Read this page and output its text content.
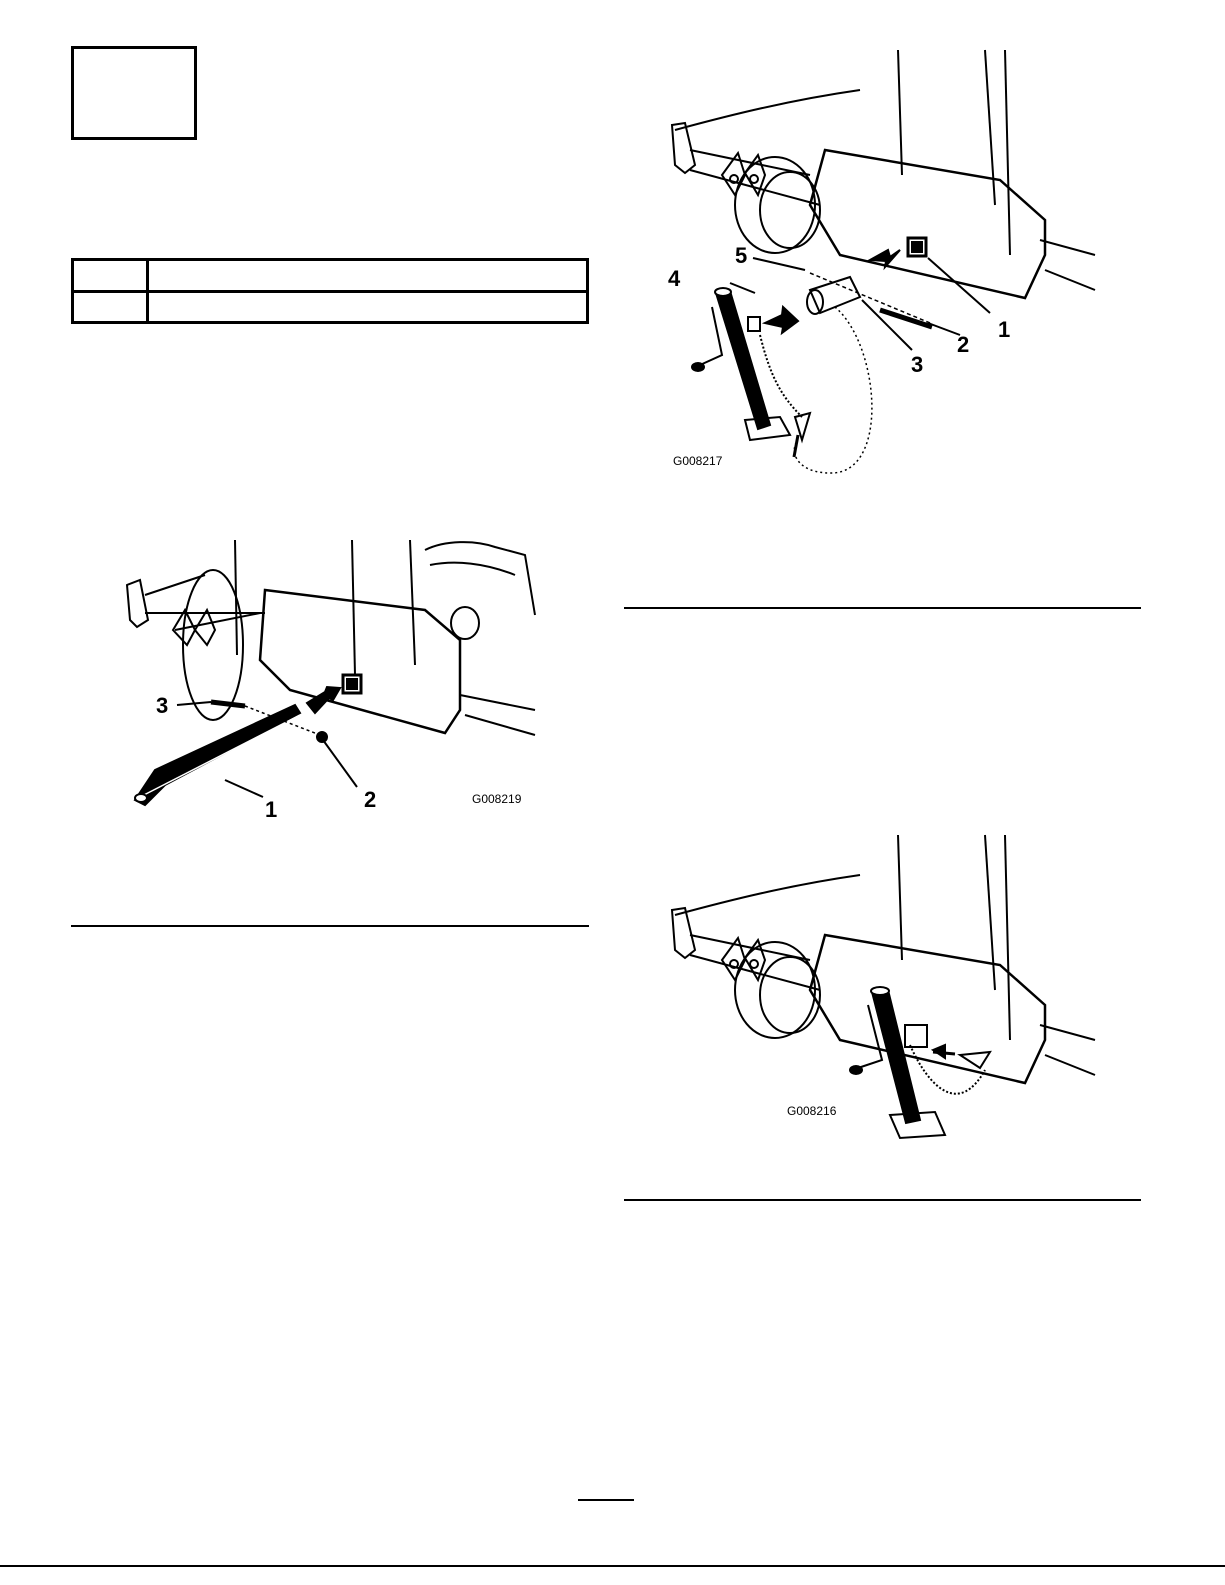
1
2
3
4
5
G008217
3
1	2	G008219
G008216
